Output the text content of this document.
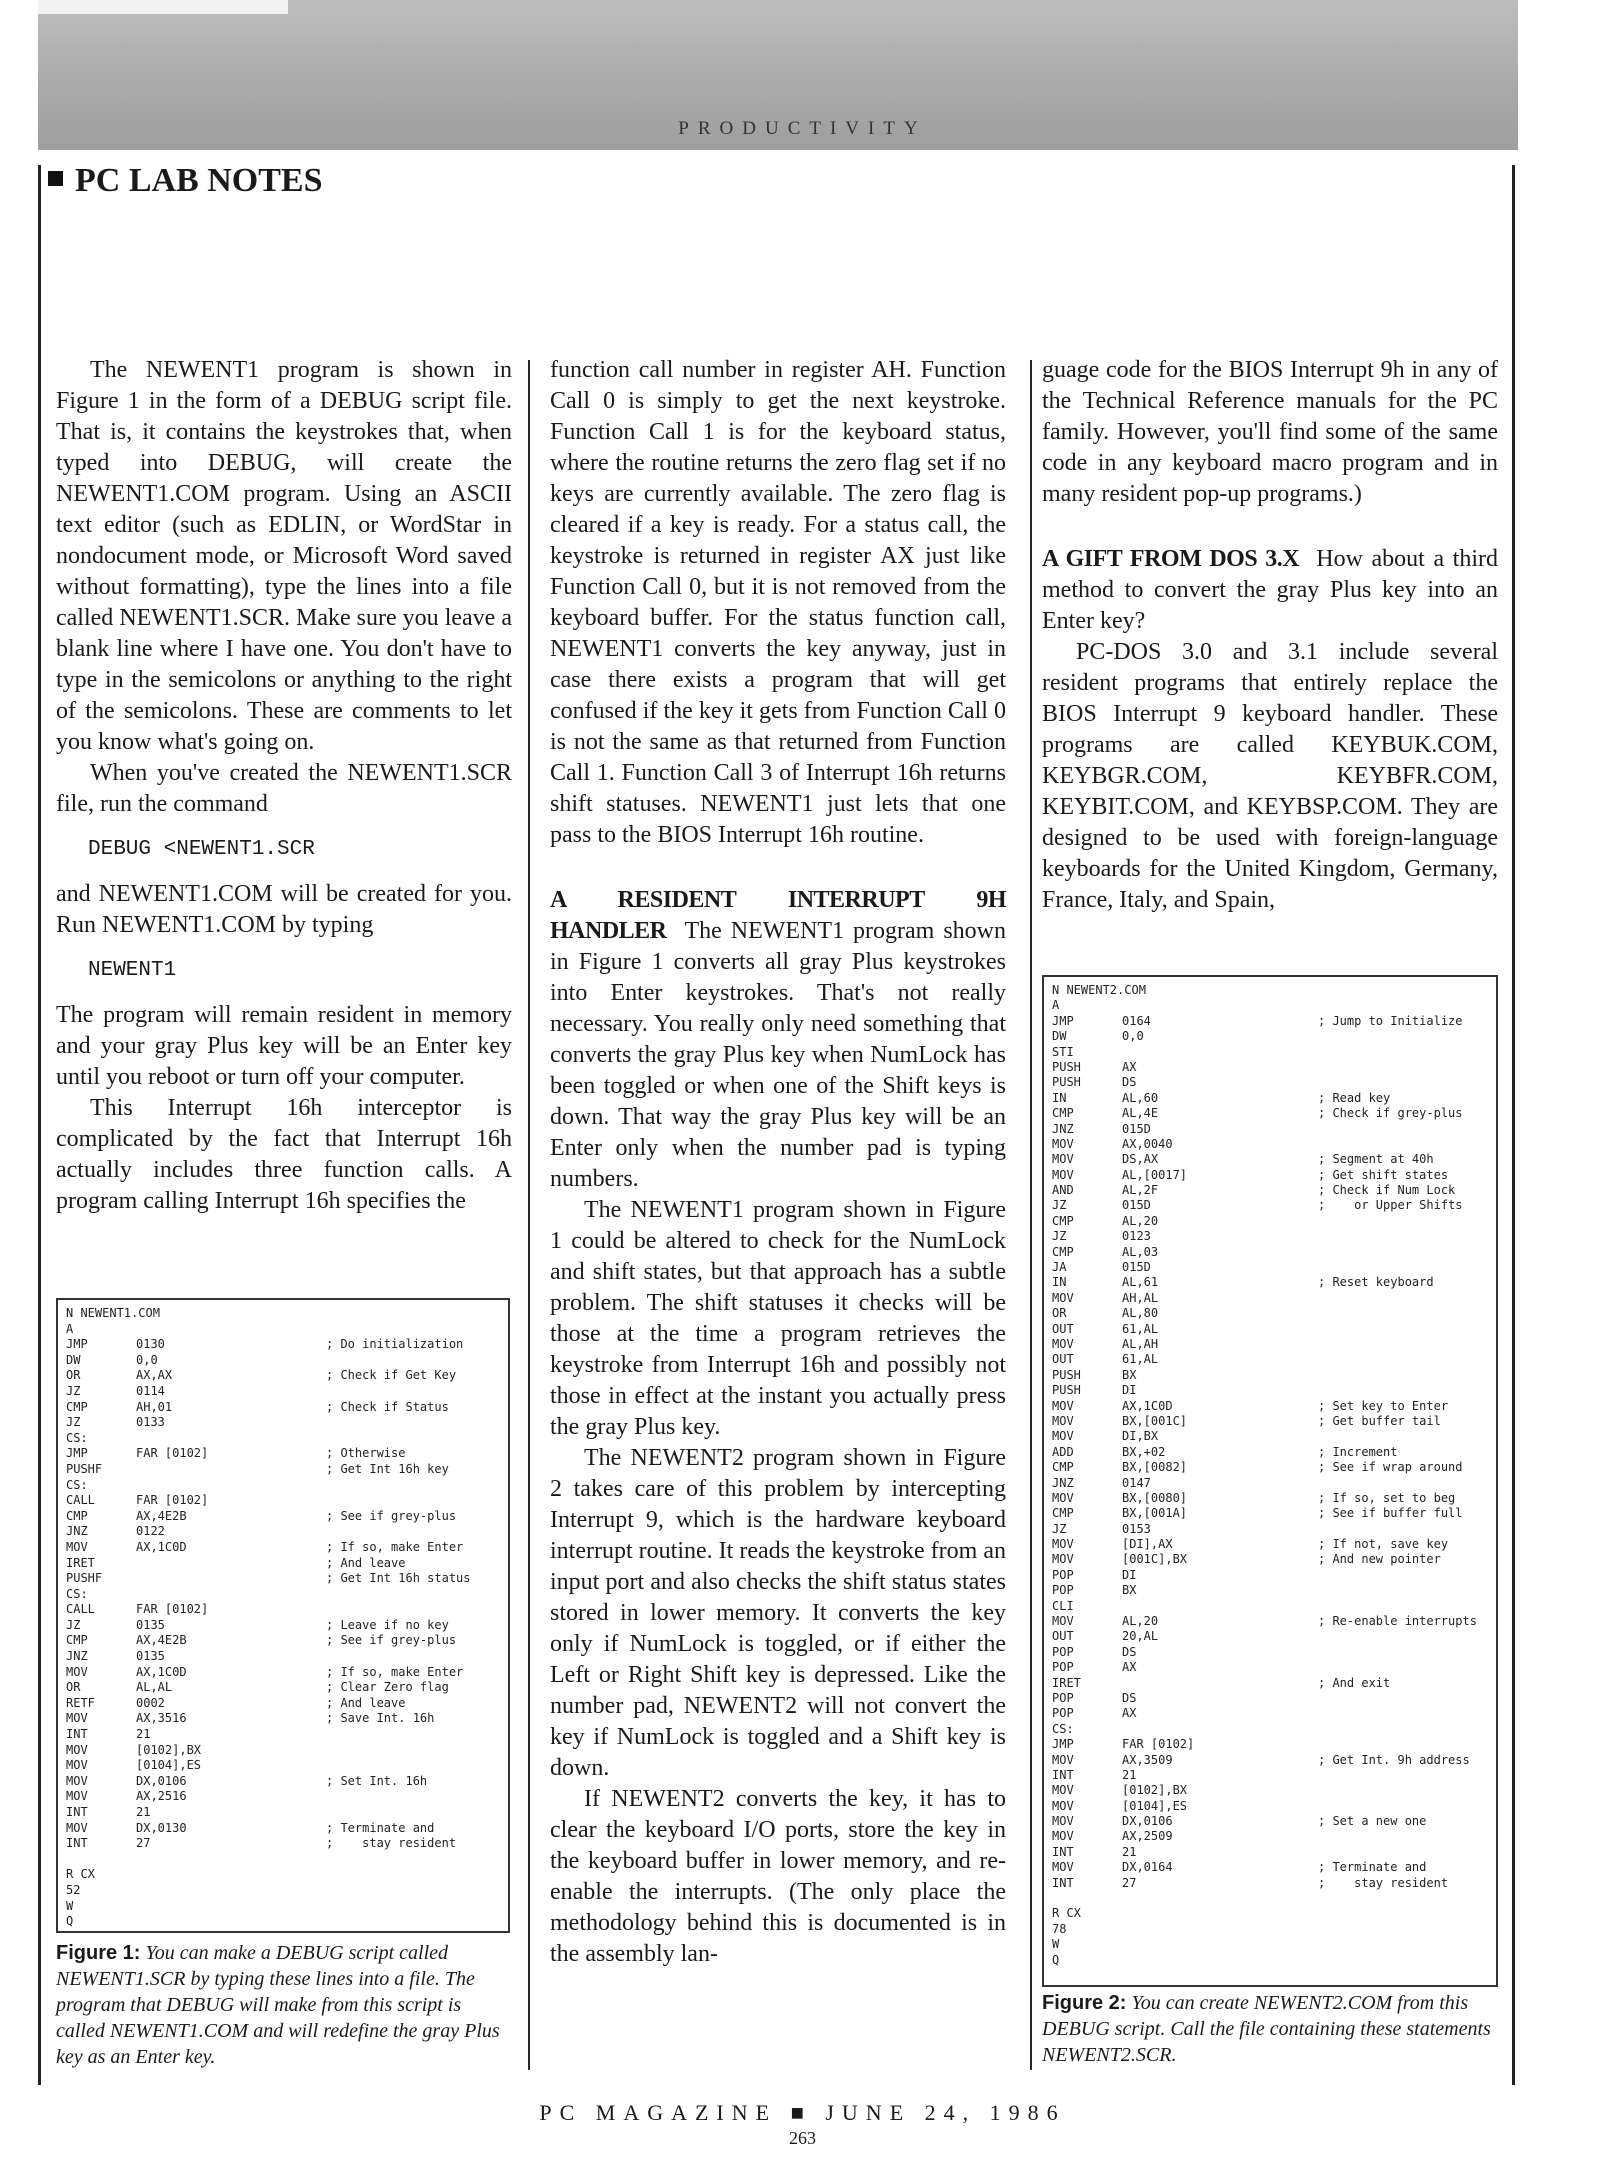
PRODUCTIVITY
PC LAB NOTES

The NEWENT1 program is shown in Figure 1 in the form of a DEBUG script file. That is, it contains the keystrokes that, when typed into DEBUG, will create the NEWENT1.COM program. Using an ASCII text editor (such as EDLIN, or WordStar in nondocument mode, or Microsoft Word saved without formatting), type the lines into a file called NEWENT1.SCR. Make sure you leave a blank line where I have one. You don't have to type in the semicolons or anything to the right of the semicolons. These are comments to let you know what's going on.

When you've created the NEWENT1.SCR file, run the command

DEBUG <NEWENT1.SCR

and NEWENT1.COM will be created for you. Run NEWENT1.COM by typing

NEWENT1

The program will remain resident in memory and your gray Plus key will be an Enter key until you reboot or turn off your computer.

This Interrupt 16h interceptor is complicated by the fact that Interrupt 16h actually includes three function calls. A program calling Interrupt 16h specifies the

function call number in register AH. Function Call 0 is simply to get the next keystroke. Function Call 1 is for the keyboard status, where the routine returns the zero flag set if no keys are currently available. The zero flag is cleared if a key is ready. For a status call, the keystroke is returned in register AX just like Function Call 0, but it is not removed from the keyboard buffer. For the status function call, NEWENT1 converts the key anyway, just in case there exists a program that will get confused if the key it gets from Function Call 0 is not the same as that returned from Function Call 1. Function Call 3 of Interrupt 16h returns shift statuses. NEWENT1 just lets that one pass to the BIOS Interrupt 16h routine.

A RESIDENT INTERRUPT 9H HANDLER The NEWENT1 program shown in Figure 1 converts all gray Plus keystrokes into Enter keystrokes. That's not really necessary. You really only need something that converts the gray Plus key when NumLock has been toggled or when one of the Shift keys is down. That way the gray Plus key will be an Enter only when the number pad is typing numbers.

The NEWENT1 program shown in Figure 1 could be altered to check for the NumLock and shift states, but that approach has a subtle problem. The shift statuses it checks will be those at the time a program retrieves the keystroke from Interrupt 16h and possibly not those in effect at the instant you actually press the gray Plus key.

The NEWENT2 program shown in Figure 2 takes care of this problem by intercepting Interrupt 9, which is the hardware keyboard interrupt routine. It reads the keystroke from an input port and also checks the shift status states stored in lower memory. It converts the key only if NumLock is toggled, or if either the Left or Right Shift key is depressed. Like the number pad, NEWENT2 will not convert the key if NumLock is toggled and a Shift key is down.

If NEWENT2 converts the key, it has to clear the keyboard I/O ports, store the key in the keyboard buffer in lower memory, and re-enable the interrupts. (The only place the methodology behind this is documented is in the assembly lan-

guage code for the BIOS Interrupt 9h in any of the Technical Reference manuals for the PC family. However, you'll find some of the same code in any keyboard macro program and in many resident pop-up programs.)

A GIFT FROM DOS 3.X How about a third method to convert the gray Plus key into an Enter key?

PC-DOS 3.0 and 3.1 include several resident programs that entirely replace the BIOS Interrupt 9 keyboard handler. These programs are called KEYBUK.COM, KEYBGR.COM, KEYBFR.COM, KEYBIT.COM, and KEYBSP.COM. They are designed to be used with foreign-language keyboards for the United Kingdom, Germany, France, Italy, and Spain,

N NEWENT1.COM
A
JMP	0130	; Do initialization
DW	0,0
OR	AX,AX	; Check if Get Key
JZ	0114
CMP	AH,01	; Check if Status
JZ	0133
CS:
JMP	FAR [0102]	; Otherwise
PUSHF	; Get Int 16h key
CS:
CALL	FAR [0102]
CMP	AX,4E2B	; See if grey-plus
JNZ	0122
MOV	AX,1C0D	; If so, make Enter
IRET	; And leave
PUSHF	; Get Int 16h status
CS:
CALL	FAR [0102]
JZ	0135	; Leave if no key
CMP	AX,4E2B	; See if grey-plus
JNZ	0135
MOV	AX,1C0D	; If so, make Enter
OR	AL,AL	; Clear Zero flag
RETF	0002	; And leave
MOV	AX,3516	; Save Int. 16h
INT	21
MOV	[0102],BX
MOV	[0104],ES
MOV	DX,0106	; Set Int. 16h
MOV	AX,2516
INT	21
MOV	DX,0130	; Terminate and
INT	27	;    stay resident
R CX
52
W
Q
Figure 1: You can make a DEBUG script called NEWENT1.SCR by typing these lines into a file. The program that DEBUG will make from this script is called NEWENT1.COM and will redefine the gray Plus key as an Enter key.
N NEWENT2.COM
A
JMP	0164	; Jump to Initialize
DW	0,0
STI
PUSH	AX
PUSH	DS
IN	AL,60	; Read key
CMP	AL,4E	; Check if grey-plus
JNZ	015D
MOV	AX,0040
MOV	DS,AX	; Segment at 40h
MOV	AL,[0017]	; Get shift states
AND	AL,2F	; Check if Num Lock
JZ	015D	;    or Upper Shifts
CMP	AL,20
JZ	0123
CMP	AL,03
JA	015D
IN	AL,61	; Reset keyboard
MOV	AH,AL
OR	AL,80
OUT	61,AL
MOV	AL,AH
OUT	61,AL
PUSH	BX
PUSH	DI
MOV	AX,1C0D	; Set key to Enter
MOV	BX,[001C]	; Get buffer tail
MOV	DI,BX
ADD	BX,+02	; Increment
CMP	BX,[0082]	; See if wrap around
JNZ	0147
MOV	BX,[0080]	; If so, set to beg
CMP	BX,[001A]	; See if buffer full
JZ	0153
MOV	[DI],AX	; If not, save key
MOV	[001C],BX	; And new pointer
POP	DI
POP	BX
CLI
MOV	AL,20	; Re-enable interrupts
OUT	20,AL
POP	DS
POP	AX
IRET	; And exit
POP	DS
POP	AX
CS:
JMP	FAR [0102]
MOV	AX,3509	; Get Int. 9h address
INT	21
MOV	[0102],BX
MOV	[0104],ES
MOV	DX,0106	; Set a new one
MOV	AX,2509
INT	21
MOV	DX,0164	; Terminate and
INT	27	;    stay resident
R CX
78
W
Q
Figure 2: You can create NEWENT2.COM from this DEBUG script. Call the file containing these statements NEWENT2.SCR.
PC MAGAZINE ■ JUNE 24, 1986
263
